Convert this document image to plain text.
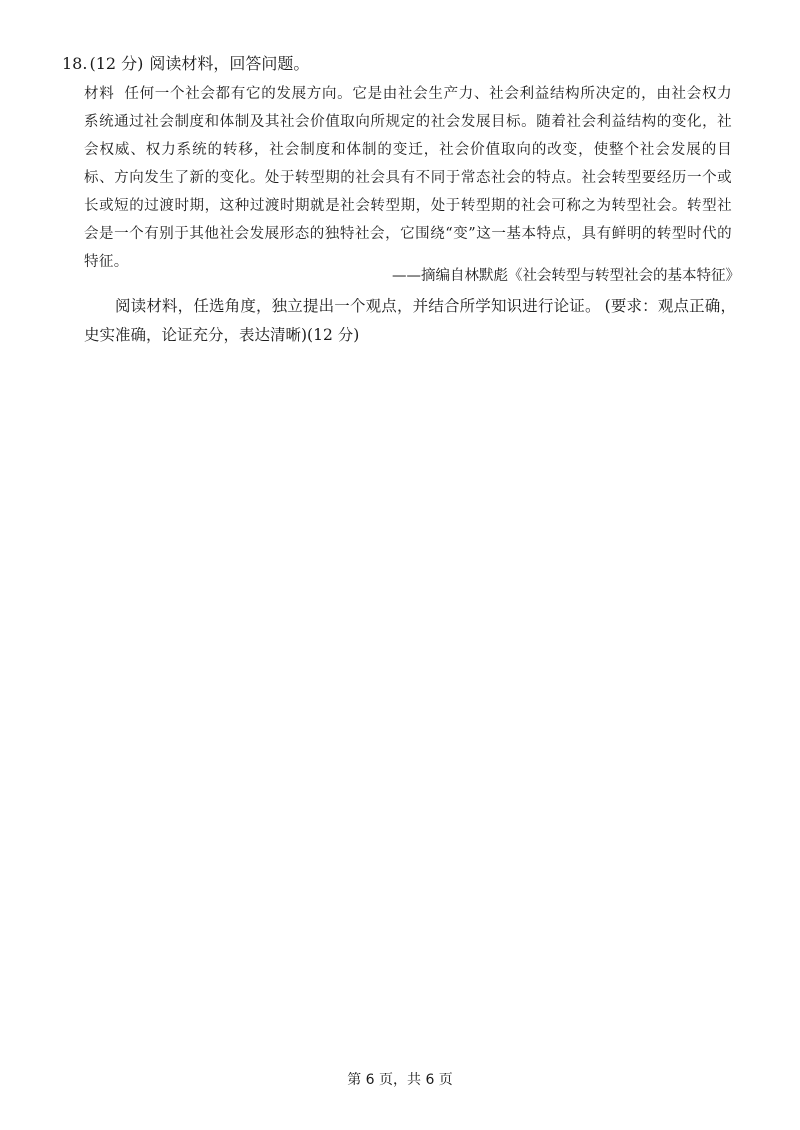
18. (12 分) 阅读材料，回答问题。
材料 任何一个社会都有它的发展方向。它是由社会生产力、社会利益结构所决定的，由社会权力系统通过社会制度和体制及其社会价值取向所规定的社会发展目标。随着社会利益结构的变化，社会权威、权力系统的转移，社会制度和体制的变迁，社会价值取向的改变，使整个社会发展的目标、方向发生了新的变化。处于转型期的社会具有不同于常态社会的特点。社会转型要经历一个或长或短的过渡时期，这种过渡时期就是社会转型期，处于转型期的社会可称之为转型社会。转型社会是一个有别于其他社会发展形态的独特社会，它围绕“变”这一基本特点，具有鲜明的转型时代的特征。
——摘编自林默彪《社会转型与转型社会的基本特征》
阅读材料，任选角度，独立提出一个观点，并结合所学知识进行论证。 (要求：观点正确，史实准确，论证充分，表达清晰)(12 分)
第 6 页，共 6 页
